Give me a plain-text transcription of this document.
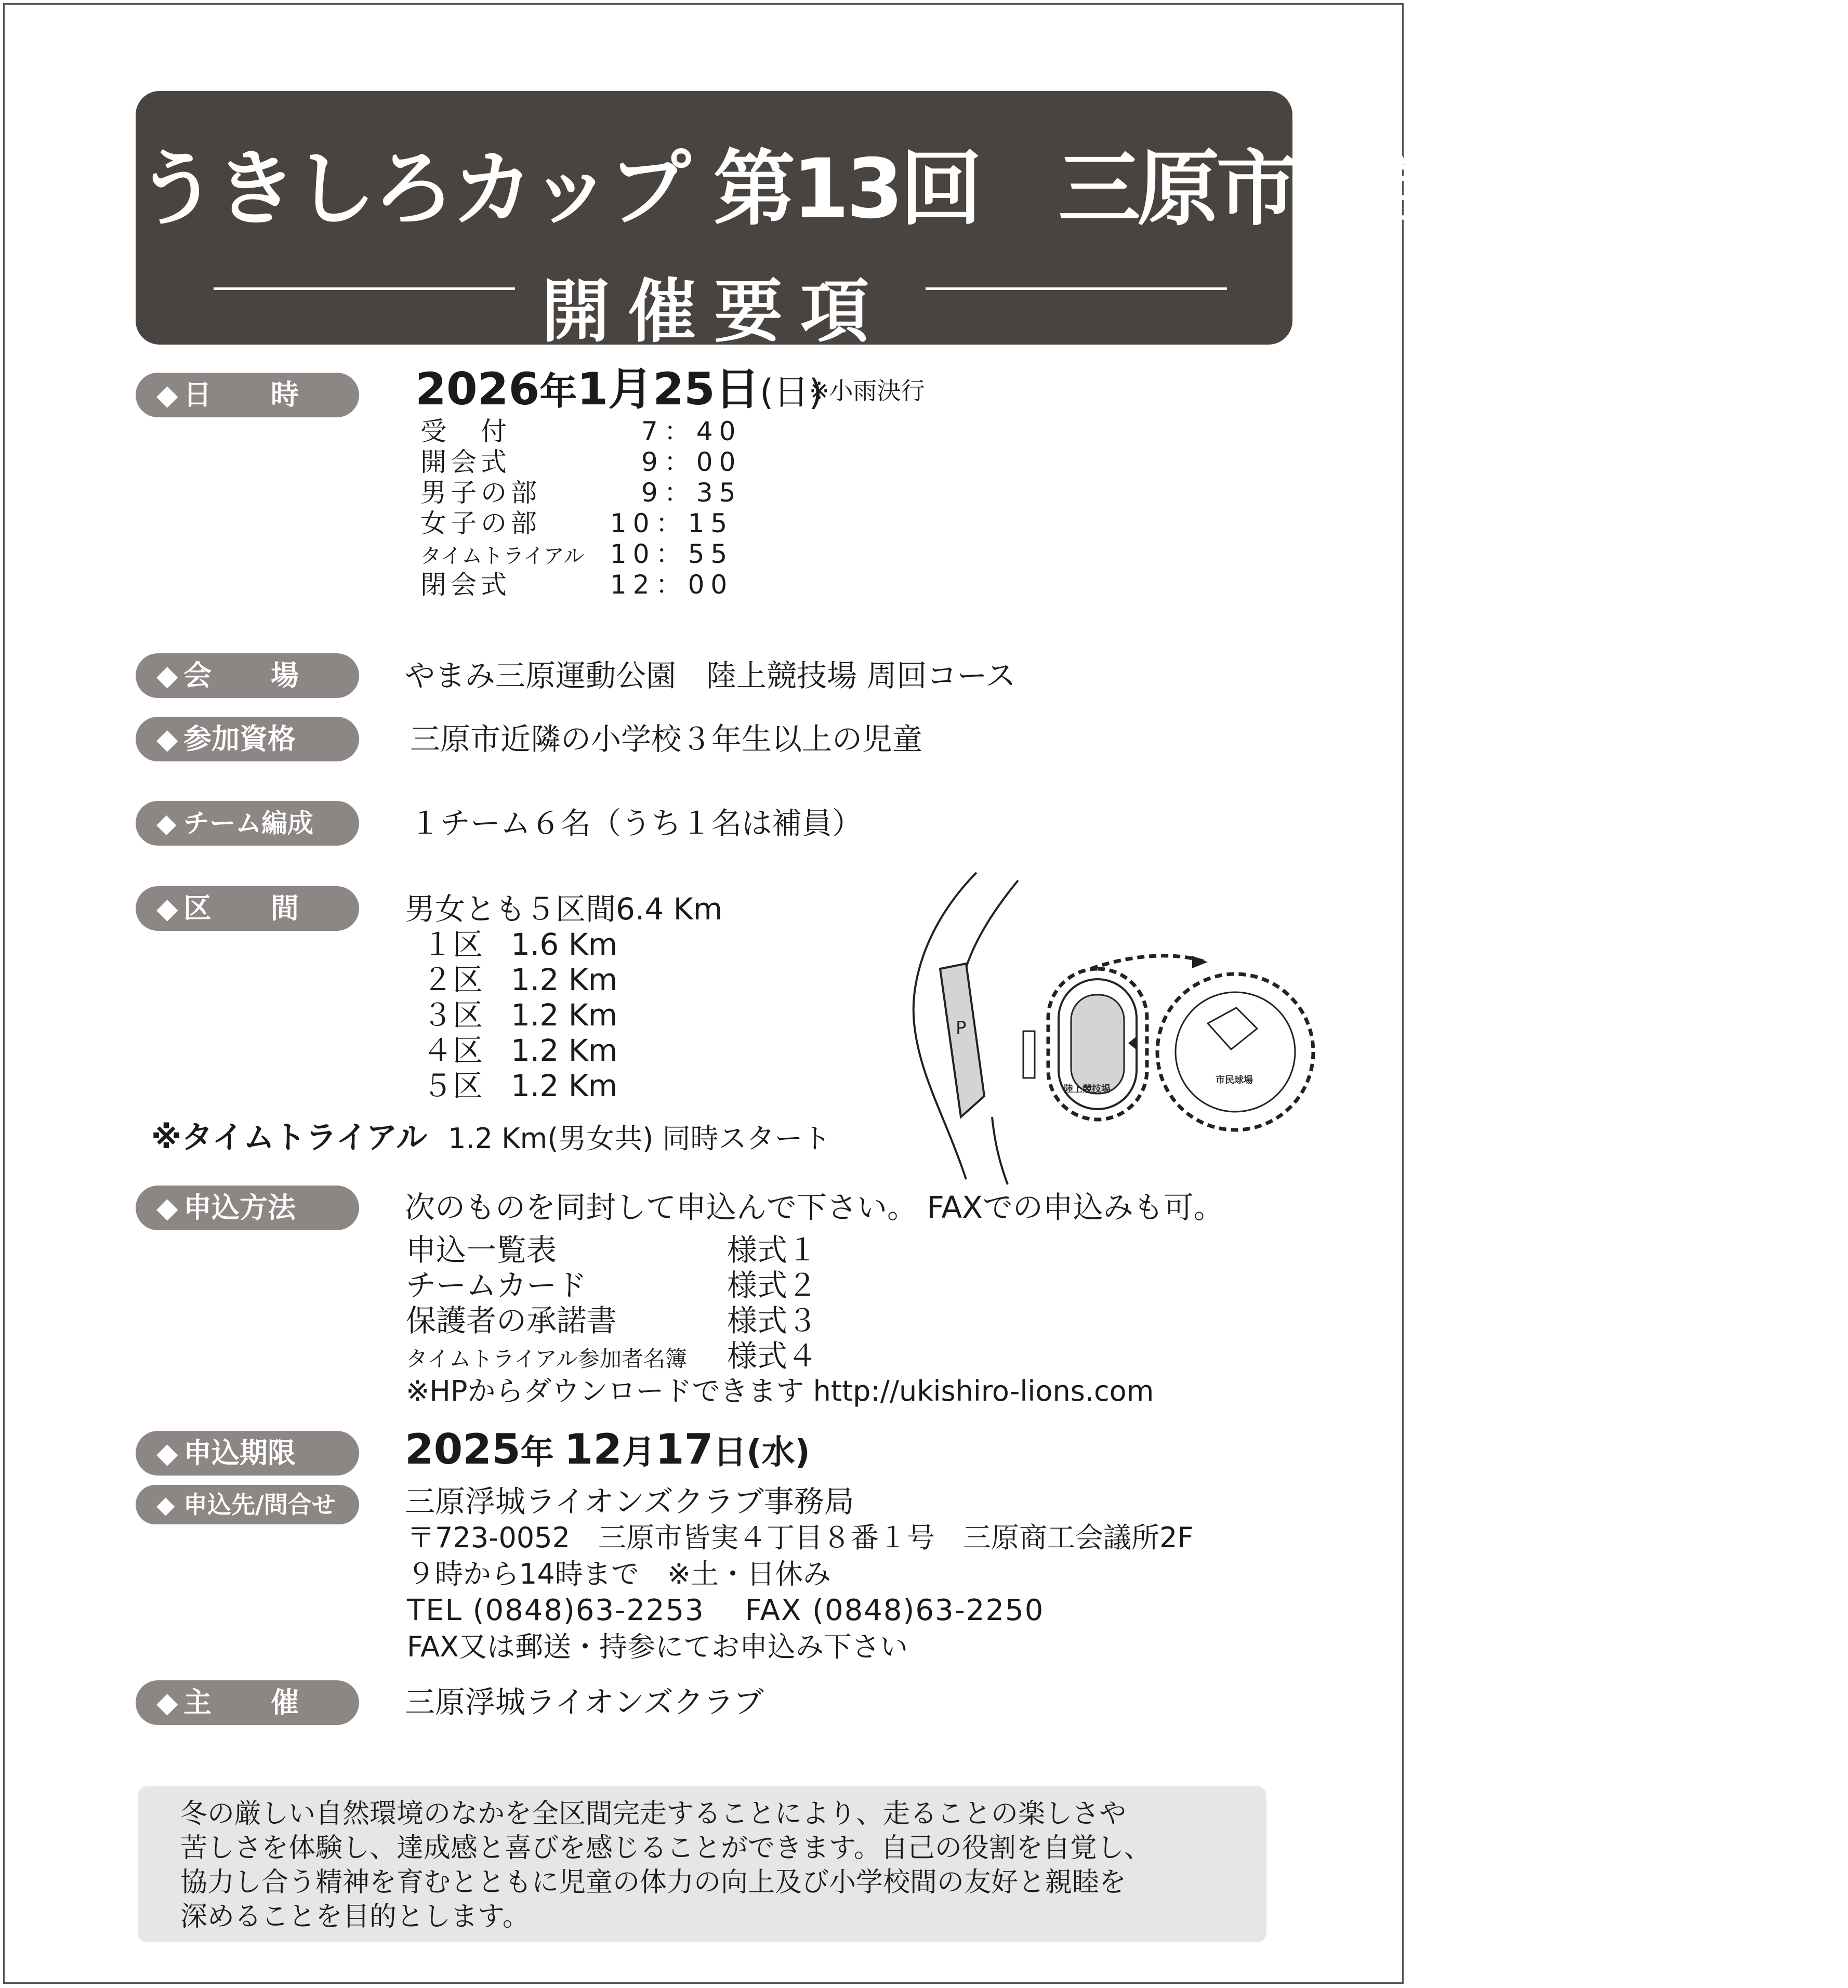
うきしろカップ 第13回　三原市小学生駅伝大会
開催要項
◆ 日　　時	2026年1月25日(日)
※小雨決行
受　付	7：40
開会式	9：00
男子の部	9：35
女子の部	10：15
タイムトライアル 10：55
閉会式	12：00
◆ 会　　場	やまみ三原運動公園　陸上競技場 周回コース
◆ 参加資格	三原市近隣の小学校３年生以上の児童
◆ チーム編成	１チーム６名（うち１名は補員）
◆ 区　　間	男女とも５区間6.4 Km
１区 1.6 Km
２区 1.2 Km
３区 1.2 Km
４区 1.2 Km
５区 1.2 Km
※タイムトライアル 1.2 Km(男女共) 同時スタート
P
陸上競技場
市民球場
◆ 申込方法	次のものを同封して申込んで下さい。 FAXでの申込みも可。
申込一覧表	様式１
チームカード	様式２
保護者の承諾書	様式３
タイムトライアル参加者名簿 様式４
※HPからダウンロードできます http://ukishiro-lions.com
◆ 申込期限	2025年 12月17日(水)
◆ 申込先/問合せ	三原浮城ライオンズクラブ事務局
〒723-0052　三原市皆実４丁目８番１号　三原商工会議所2F
９時から14時まで　※土・日休み
TEL (0848)63-2253　 FAX (0848)63-2250
FAX又は郵送・持参にてお申込み下さい
◆ 主　　催	三原浮城ライオンズクラブ
冬の厳しい自然環境のなかを全区間完走することにより、走ることの楽しさや
苦しさを体験し、達成感と喜びを感じることができます。自己の役割を自覚し、
協力し合う精神を育むとともに児童の体力の向上及び小学校間の友好と親睦を
深めることを目的とします。
